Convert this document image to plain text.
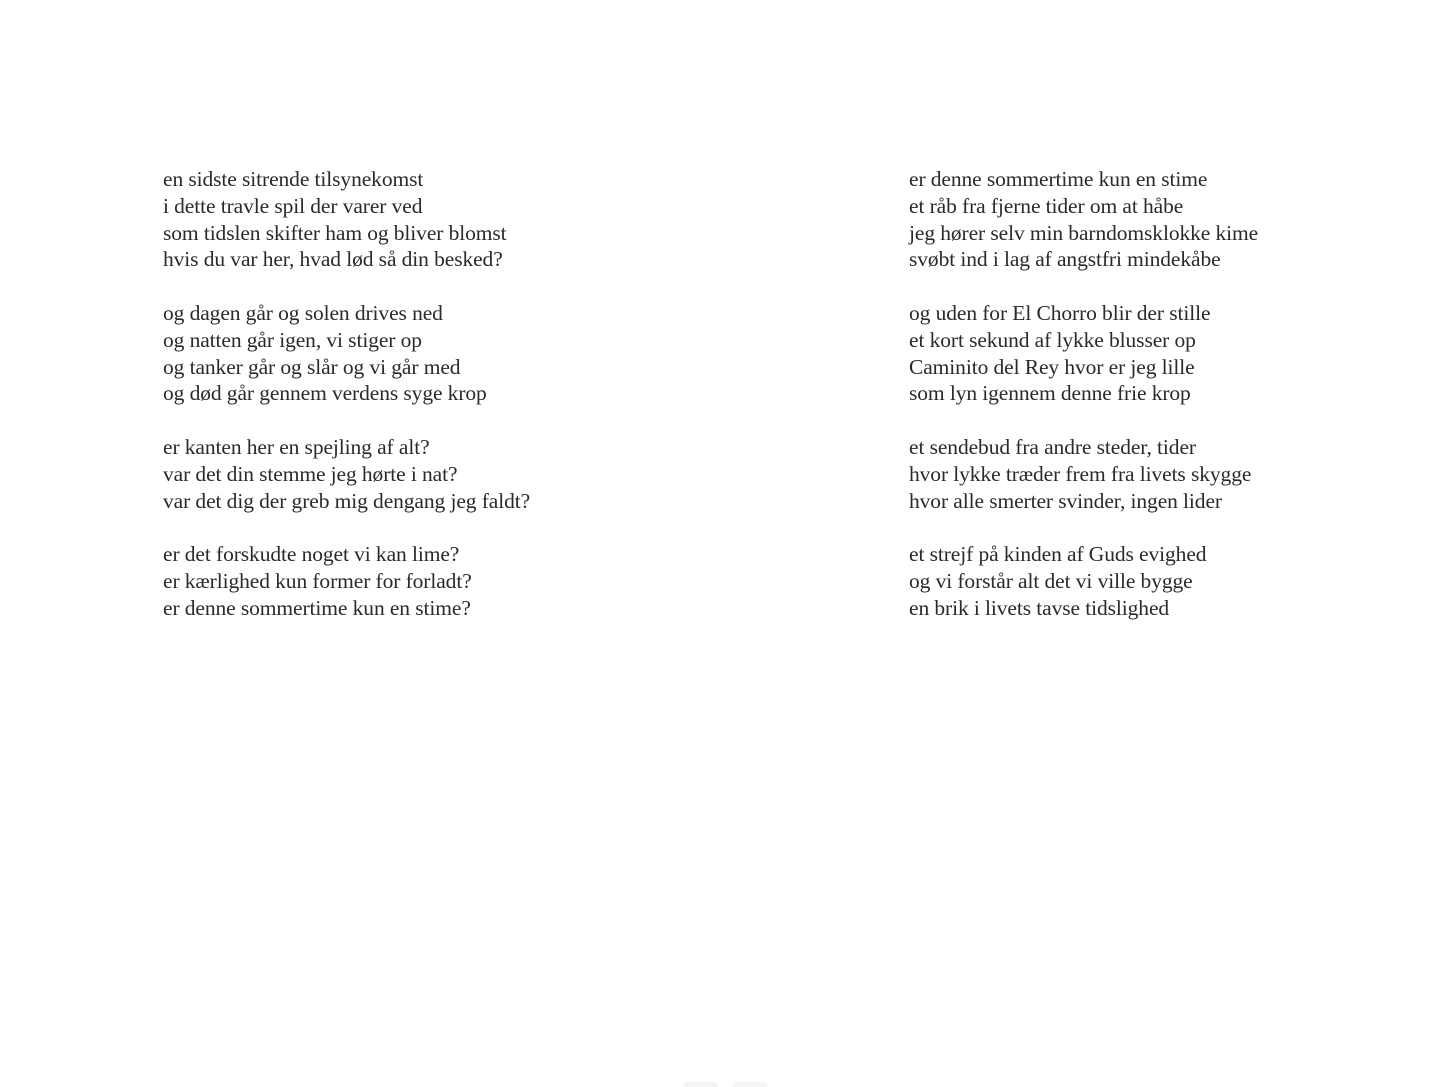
en sidste sitrende tilsynekomst
i dette travle spil der varer ved
som tidslen skifter ham og bliver blomst
hvis du var her, hvad lød så din besked?
og dagen går og solen drives ned
og natten går igen, vi stiger op
og tanker går og slår og vi går med
og død går gennem verdens syge krop
er kanten her en spejling af alt?
var det din stemme jeg hørte i nat?
var det dig der greb mig dengang jeg faldt?
er det forskudte noget vi kan lime?
er kærlighed kun former for forladt?
er denne sommertime kun en stime?
er denne sommertime kun en stime
et råb fra fjerne tider om at håbe
jeg hører selv min barndomsklokke kime
svøbt ind i lag af angstfri mindekåbe
og uden for El Chorro blir der stille
et kort sekund af lykke blusser op
Caminito del Rey hvor er jeg lille
som lyn igennem denne frie krop
et sendebud fra andre steder, tider
hvor lykke træder frem fra livets skygge
hvor alle smerter svinder, ingen lider
et strejf på kinden af Guds evighed
og vi forstår alt det vi ville bygge
en brik i livets tavse tidslighed
